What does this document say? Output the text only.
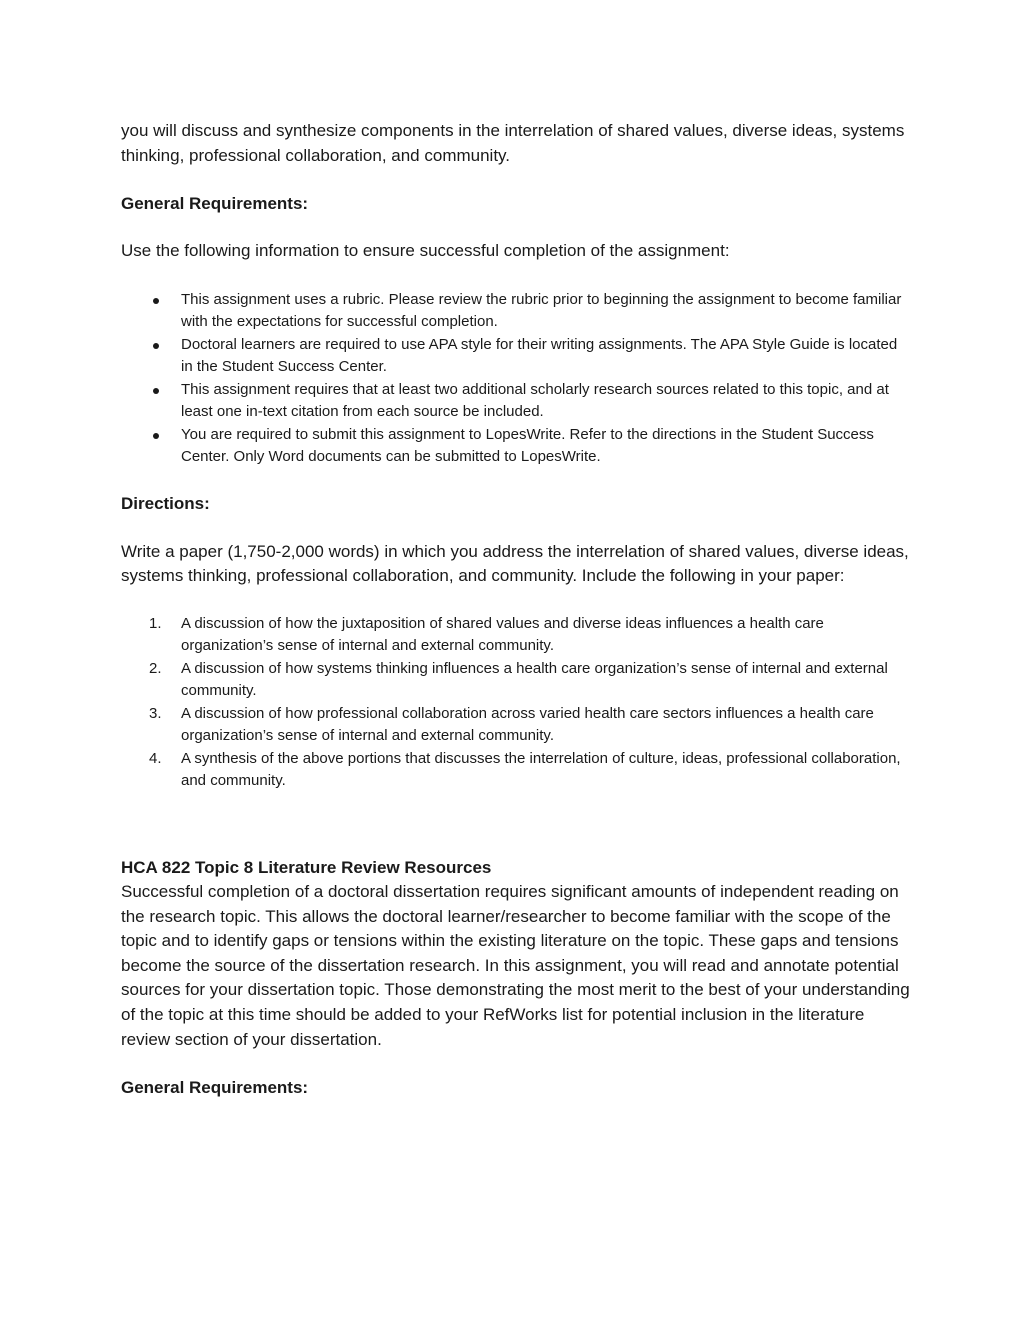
you will discuss and synthesize components in the interrelation of shared values, diverse ideas, systems thinking, professional collaboration, and community.

General Requirements:

Use the following information to ensure successful completion of the assignment:

This assignment uses a rubric. Please review the rubric prior to beginning the assignment to become familiar with the expectations for successful completion.
Doctoral learners are required to use APA style for their writing assignments. The APA Style Guide is located in the Student Success Center.
This assignment requires that at least two additional scholarly research sources related to this topic, and at least one in-text citation from each source be included.
You are required to submit this assignment to LopesWrite. Refer to the directions in the Student Success Center. Only Word documents can be submitted to LopesWrite.

Directions:

Write a paper (1,750-2,000 words) in which you address the interrelation of shared values, diverse ideas, systems thinking, professional collaboration, and community. Include the following in your paper:

1.	A discussion of how the juxtaposition of shared values and diverse ideas influences a health care organization’s sense of internal and external community.
2.	A discussion of how systems thinking influences a health care organization’s sense of internal and external community.
3.	A discussion of how professional collaboration across varied health care sectors influences a health care organization’s sense of internal and external community.
4.	A synthesis of the above portions that discusses the interrelation of culture, ideas, professional collaboration, and community.

HCA 822 Topic 8 Literature Review Resources

Successful completion of a doctoral dissertation requires significant amounts of independent reading on the research topic. This allows the doctoral learner/researcher to become familiar with the scope of the topic and to identify gaps or tensions within the existing literature on the topic. These gaps and tensions become the source of the dissertation research. In this assignment, you will read and annotate potential sources for your dissertation topic. Those demonstrating the most merit to the best of your understanding of the topic at this time should be added to your RefWorks list for potential inclusion in the literature review section of your dissertation.

General Requirements:
